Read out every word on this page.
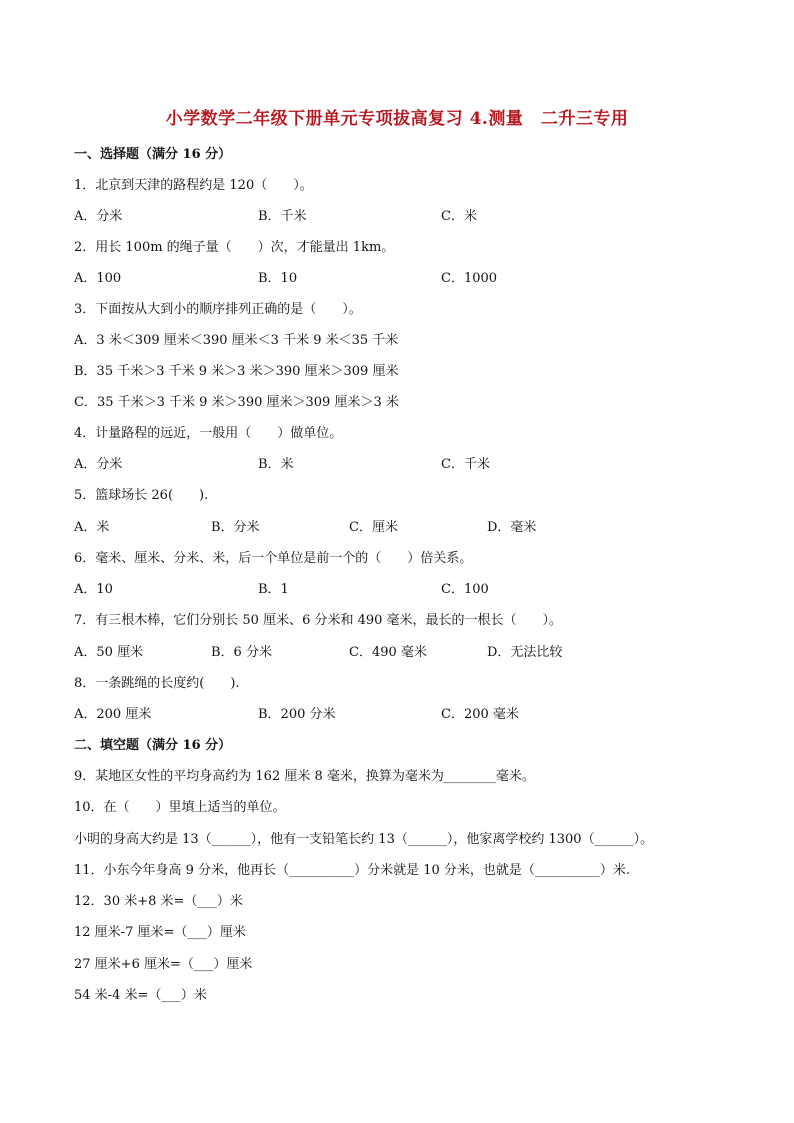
小学数学二年级下册单元专项拔高复习 4.测量　二升三专用
一、选择题（满分 16 分）
1．北京到天津的路程约是 120（　　）。
A．分米	B．千米	C．米
2．用长 100m 的绳子量（　　）次，才能量出 1km。
A．100	B．10	C．1000
3．下面按从大到小的顺序排列正确的是（　　）。
A．3 米＜309 厘米＜390 厘米＜3 千米 9 米＜35 千米
B．35 千米＞3 千米 9 米＞3 米＞390 厘米＞309 厘米
C．35 千米＞3 千米 9 米＞390 厘米＞309 厘米＞3 米
4．计量路程的远近，一般用（　　）做单位。
A．分米	B．米	C．千米
5．篮球场长 26(　　).
A．米	B．分米	C．厘米	D．毫米
6．毫米、厘米、分米、米，后一个单位是前一个的（　　）倍关系。
A．10	B．1	C．100
7．有三根木棒，它们分别长 50 厘米、6 分米和 490 毫米，最长的一根长（　　）。
A．50 厘米	B．6 分米	C．490 毫米	D．无法比较
8．一条跳绳的长度约(　　).
A．200 厘米	B．200 分米	C．200 毫米
二、填空题（满分 16 分）
9．某地区女性的平均身高约为 162 厘米 8 毫米，换算为毫米为________毫米。
10．在（　　）里填上适当的单位。
小明的身高大约是 13（______），他有一支铅笔长约 13（______），他家离学校约 1300（______）。
11．小东今年身高 9 分米，他再长（__________）分米就是 10 分米，也就是（__________）米.
12．30 米+8 米=（___）米
12 厘米-7 厘米=（___）厘米
27 厘米+6 厘米=（___）厘米
54 米-4 米=（___）米
